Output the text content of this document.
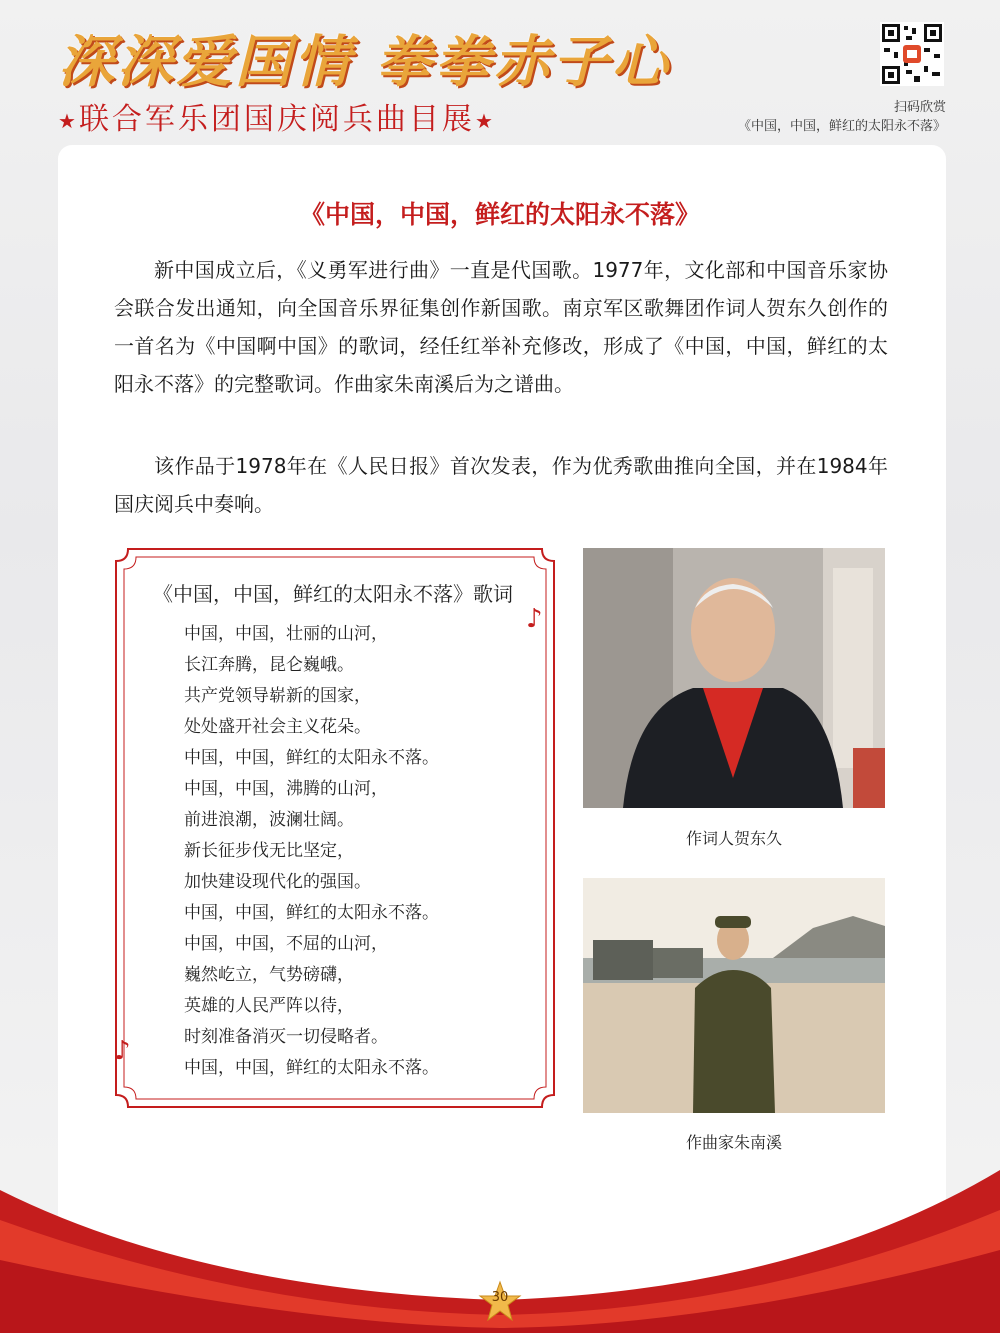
深深爱国情 拳拳赤子心
★联合军乐团国庆阅兵曲目展★
扫码欣赏
《中国，中国，鲜红的太阳永不落》
《中国，中国，鲜红的太阳永不落》

新中国成立后，《义勇军进行曲》一直是代国歌。1977年，文化部和中国音乐家协会联合发出通知，向全国音乐界征集创作新国歌。南京军区歌舞团作词人贺东久创作的一首名为《中国啊中国》的歌词，经任红举补充修改，形成了《中国，中国，鲜红的太阳永不落》的完整歌词。作曲家朱南溪后为之谱曲。

该作品于1978年在《人民日报》首次发表，作为优秀歌曲推向全国，并在1984年国庆阅兵中奏响。

《中国，中国，鲜红的太阳永不落》歌词
中国，中国，壮丽的山河，
长江奔腾，昆仑巍峨。
共产党领导崭新的国家，
处处盛开社会主义花朵。
中国，中国，鲜红的太阳永不落。
中国，中国，沸腾的山河，
前进浪潮，波澜壮阔。
新长征步伐无比坚定，
加快建设现代化的强国。
中国，中国，鲜红的太阳永不落。
中国，中国，不屈的山河，
巍然屹立，气势磅礴，
英雄的人民严阵以待，
时刻准备消灭一切侵略者。
中国，中国，鲜红的太阳永不落。
♪
♪
作词人贺东久
作曲家朱南溪
30
